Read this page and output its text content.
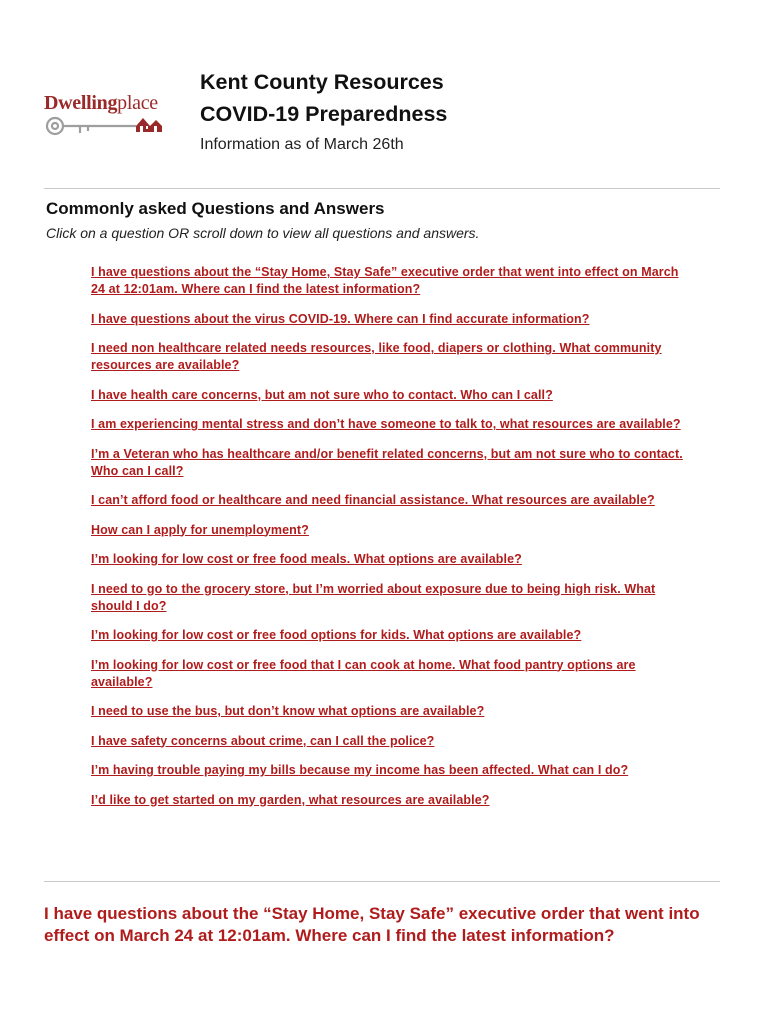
Dwellingplace
Kent County Resources
COVID-19 Preparedness
Information as of March 26th
Commonly asked Questions and Answers

Click on a question OR scroll down to view all questions and answers.

I have questions about the “Stay Home, Stay Safe” executive order that went into effect on March 24 at 12:01am. Where can I find the latest information?
I have questions about the virus COVID-19. Where can I find accurate information?
I need non healthcare related needs resources, like food, diapers or clothing. What community resources are available?
I have health care concerns, but am not sure who to contact. Who can I call?
I am experiencing mental stress and don’t have someone to talk to, what resources are available?
I’m a Veteran who has healthcare and/or benefit related concerns, but am not sure who to contact. Who can I call?
I can’t afford food or healthcare and need financial assistance. What resources are available?
How can I apply for unemployment?
I’m looking for low cost or free food meals. What options are available?
I need to go to the grocery store, but I’m worried about exposure due to being high risk. What should I do?
I’m looking for low cost or free food options for kids. What options are available?
I’m looking for low cost or free food that I can cook at home. What food pantry options are available?
I need to use the bus, but don’t know what options are available?
I have safety concerns about crime, can I call the police?
I’m having trouble paying my bills because my income has been affected. What can I do?
I’d like to get started on my garden, what resources are available?
I have questions about the “Stay Home, Stay Safe” executive order that went into effect on March 24 at 12:01am. Where can I find the latest information?
